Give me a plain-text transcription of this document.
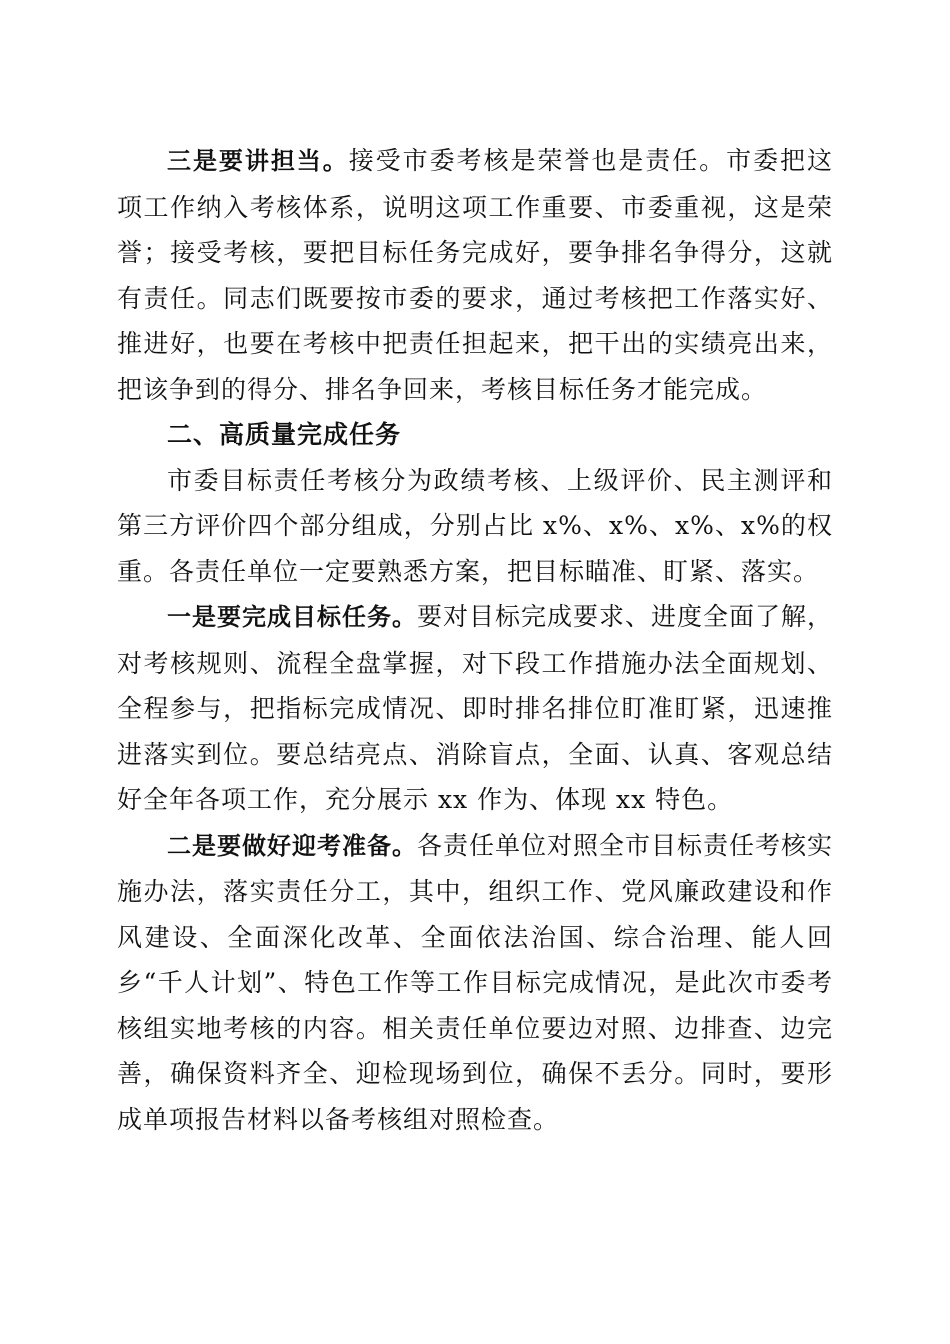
三是要讲担当。接受市委考核是荣誉也是责任。市委把这项工作纳入考核体系，说明这项工作重要、市委重视，这是荣誉；接受考核，要把目标任务完成好，要争排名争得分，这就有责任。同志们既要按市委的要求，通过考核把工作落实好、推进好，也要在考核中把责任担起来，把干出的实绩亮出来，把该争到的得分、排名争回来，考核目标任务才能完成。

二、高质量完成任务

市委目标责任考核分为政绩考核、上级评价、民主测评和第三方评价四个部分组成，分别占比 x%、x%、x%、x%的权重。各责任单位一定要熟悉方案，把目标瞄准、盯紧、落实。

一是要完成目标任务。要对目标完成要求、进度全面了解，对考核规则、流程全盘掌握，对下段工作措施办法全面规划、全程参与，把指标完成情况、即时排名排位盯准盯紧，迅速推进落实到位。要总结亮点、消除盲点，全面、认真、客观总结好全年各项工作，充分展示 xx 作为、体现 xx 特色。

二是要做好迎考准备。各责任单位对照全市目标责任考核实施办法，落实责任分工，其中，组织工作、党风廉政建设和作风建设、全面深化改革、全面依法治国、综合治理、能人回乡“千人计划”、特色工作等工作目标完成情况，是此次市委考核组实地考核的内容。相关责任单位要边对照、边排查、边完善，确保资料齐全、迎检现场到位，确保不丢分。同时，要形成单项报告材料以备考核组对照检查。
